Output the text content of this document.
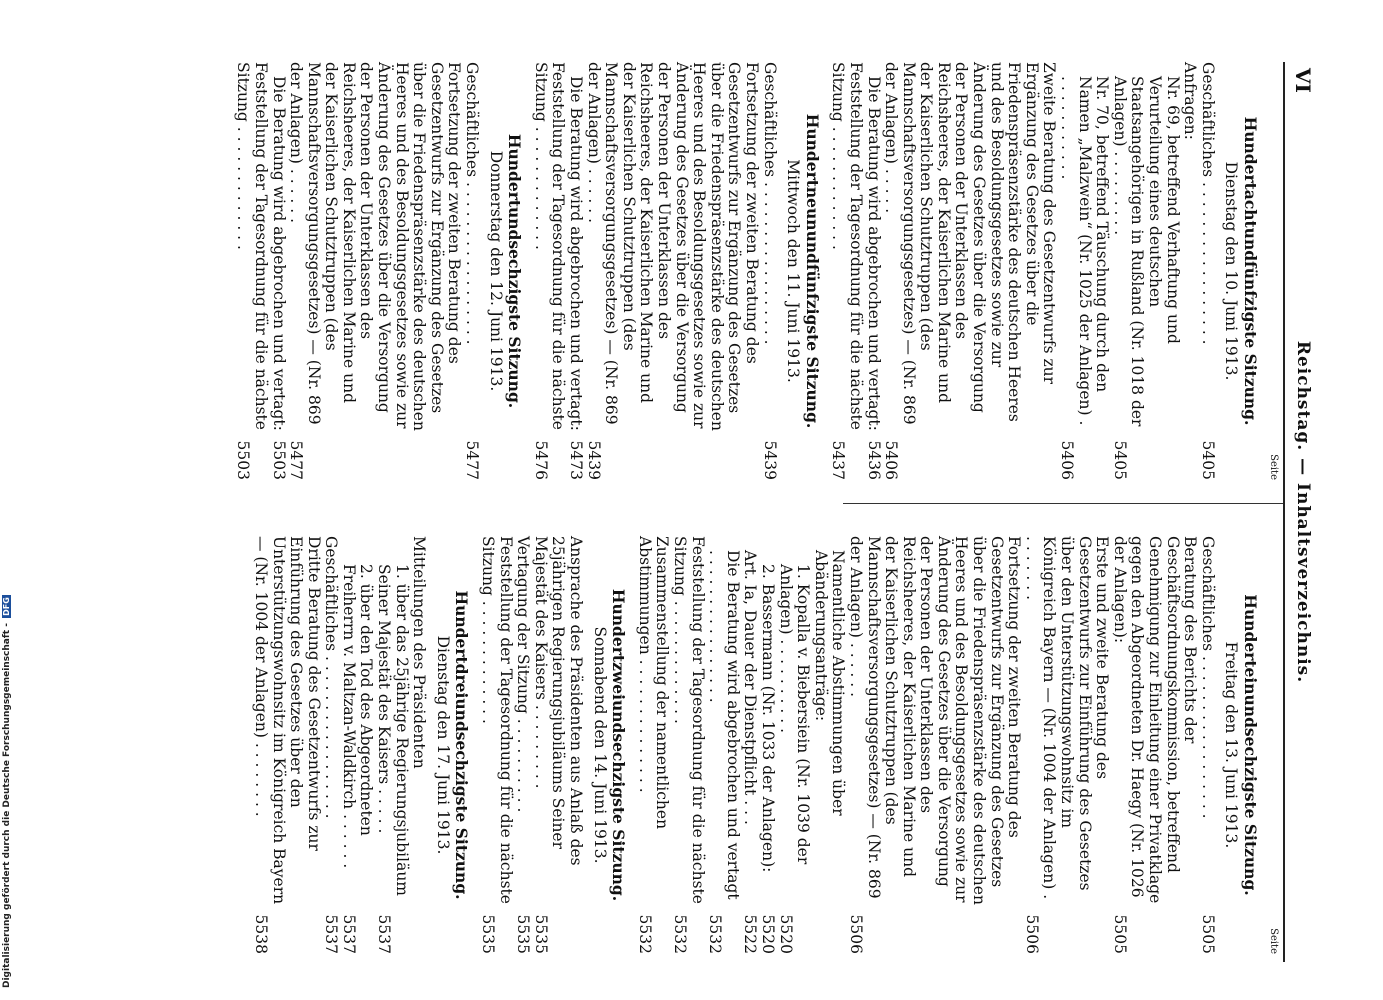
VI
Reichstag. — Inhaltsverzeichnis.
Seite
Hundertachtundfünfzigste Sitzung.
Dienstag den 10. Juni 1913.
Geschäftliches . . . . . . . . . . . . . . . . .
5405
Anfragen:
Nr. 69, betreffend Verhaftung und Verurteilung eines deutschen Staatsangehörigen in Rußland (Nr. 1018 der Anlagen) . . . . . . . . .
5405
Nr. 70, betreffend Täuschung durch den Namen „Malzwein“ (Nr. 1025 der Anlagen) . . . . . . . . . . . .
5406
Zweite Beratung des Gesetzentwurfs zur Ergänzung des Gesetzes über die Friedenspräsenzstärke des deutschen Heeres und des Besoldungsgesetzes sowie zur Änderung des Gesetzes über die Versorgung der Personen der Unterklassen des Reichsheeres, der Kaiserlichen Marine und der Kaiserlichen Schutztruppen (des Mannschaftsversorgungsgesetzes) — (Nr. 869 der Anlagen) . . . . .
5406
Die Beratung wird abgebrochen und vertagt:
5436
Feststellung der Tagesordnung für die nächste Sitzung . . . . . . . . . . . . .
5437
Hundertneunundfünfzigste Sitzung.
Mittwoch den 11. Juni 1913.
Geschäftliches . . . . . . . . . . . . . . . . .
5439
Fortsetzung der zweiten Beratung des Gesetzentwurfs zur Ergänzung des Gesetzes über die Friedenspräsenzstärke des deutschen Heeres und des Besoldungsgesetzes sowie zur Änderung des Gesetzes über die Versorgung der Personen der Unterklassen des Reichsheeres, der Kaiserlichen Marine und der Kaiserlichen Schutztruppen (des Mannschaftsversorgungsgesetzes) — (Nr. 869 der Anlagen) . . . . . .
5439
Die Beratung wird abgebrochen und vertagt:
5473
Feststellung der Tagesordnung für die nächste Sitzung . . . . . . . . . . . . .
5476
Hundertundsechzigste Sitzung.
Donnerstag den 12. Juni 1913.
Geschäftliches . . . . . . . . . . . . . . . . .
5477
Fortsetzung der zweiten Beratung des Gesetzentwurfs zur Ergänzung des Gesetzes über die Friedenspräsenzstärke des deutschen Heeres und des Besoldungsgesetzes sowie zur Änderung des Gesetzes über die Versorgung der Personen der Unterklassen des Reichsheeres, der Kaiserlichen Marine und der Kaiserlichen Schutztruppen (des Mannschaftsversorgungsgesetzes) — (Nr. 869 der Anlagen) . . . . . .
5477
Die Beratung wird abgebrochen und vertagt:
5503
Feststellung der Tagesordnung für die nächste Sitzung . . . . . . . . . . . . .
5503
Seite
Hunderteinundsechzigste Sitzung.
Freitag den 13. Juni 1913.
Geschäftliches . . . . . . . . . . . . . . . . .
5505
Beratung des Berichts der Geschäftsordnungskommission, betreffend Genehmigung zur Einleitung einer Privatklage gegen den Abgeordneten Dr. Haegy (Nr. 1026 der Anlagen):
5505
Erste und zweite Beratung des Gesetzentwurfs zur Einführung des Gesetzes über den Unterstützungswohnsitz im Königreich Bayern — (Nr. 1004 der Anlagen) . . . . . . . .
5506
Fortsetzung der zweiten Beratung des Gesetzentwurfs zur Ergänzung des Gesetzes über die Friedenspräsenzstärke des deutschen Heeres und des Besoldungsgesetzes sowie zur Änderung des Gesetzes über die Versorgung der Personen der Unterklassen des Reichsheeres, der Kaiserlichen Marine und der Kaiserlichen Schutztruppen (des Mannschaftsversorgungsgesetzes) — (Nr. 869 der Anlagen) . . . . . .
5506
Namentliche Abstimmungen über Abänderungsanträge:
1. Kopalla v. Biebersiein (Nr. 1039 der Anlagen) . . . . . . . . . .
5520
2. Bassermann (Nr. 1033 der Anlagen):
5520
Art. Ia, Dauer der Dienstpflicht . . .
5522
Die Beratung wird abgebrochen und vertagt . . . . . . . . . . . . . . . .
5532
Feststellung der Tagesordnung für die nächste Sitzung . . . . . . . . . . . . .
5532
Zusammenstellung der namentlichen Abstimmungen . . . . . . . . . . . . . .
5532
Hundertzweiundsechzigste Sitzung.
Sonnabend den 14. Juni 1913.
Ansprache des Präsidenten aus Anlaß des 25jährigen Regierungsjubiläums Seiner Majestät des Kaisers . . . . . . . . .
5535
Vertagung der Sitzung . . . . . . . . . .
5535
Feststellung der Tagesordnung für die nächste Sitzung . . . . . . . . . . . . .
5535
Hundertdreiundsechzigste Sitzung.
Dienstag den 17. Juni 1913.
Mitteilungen des Präsidenten
1. über das 25jährige Regierungsjubiläum Seiner Majestät des Kaisers . . . . .
5537
2. über den Tod des Abgeordneten Freiherrn v. Maltzan-Waldkirch . . . . . .
5537
Geschäftliches . . . . . . . . . . . . . . . . .
5537
Dritte Beratung des Gesetzentwurfs zur Einführung des Gesetzes über den Unterstützungswohnsitz im Königreich Bayern — (Nr. 1004 der Anlagen) . . . . . . . .
5538
Digitalisierung gefördert durch die Deutsche Forschungsgemeinschaft - DFG
